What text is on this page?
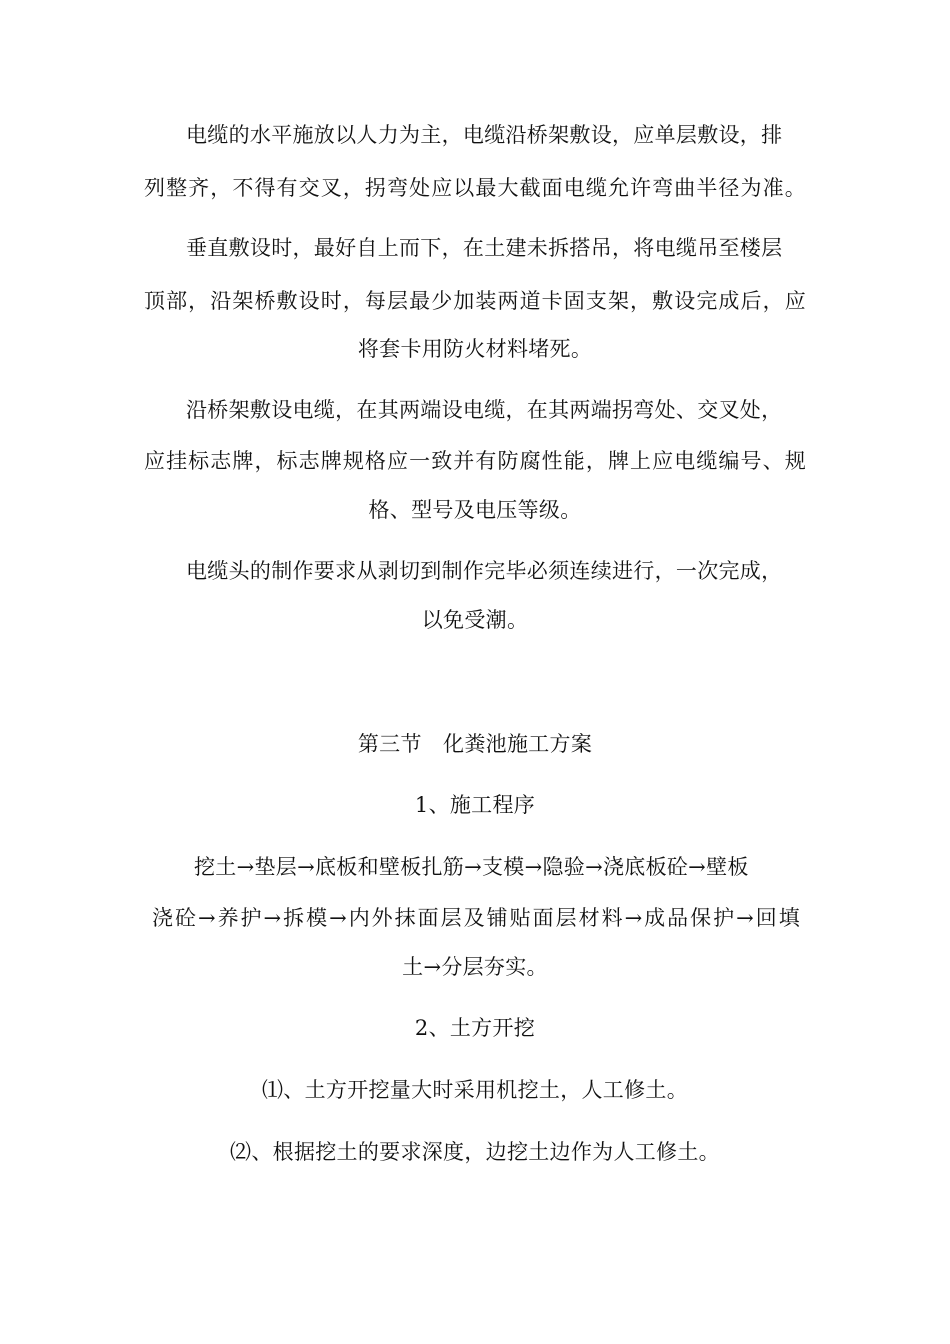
电缆的水平施放以人力为主，电缆沿桥架敷设，应单层敷设，排
列整齐，不得有交叉，拐弯处应以最大截面电缆允许弯曲半径为准。
垂直敷设时，最好自上而下，在土建未拆搭吊，将电缆吊至楼层
顶部，沿架桥敷设时，每层最少加装两道卡固支架，敷设完成后，应
将套卡用防火材料堵死。
沿桥架敷设电缆，在其两端设电缆，在其两端拐弯处、交叉处，
应挂标志牌，标志牌规格应一致并有防腐性能，牌上应电缆编号、规
格、型号及电压等级。
电缆头的制作要求从剥切到制作完毕必须连续进行，一次完成，
以免受潮。
第三节　化粪池施工方案
1、施工程序
挖土→垫层→底板和壁板扎筋→支模→隐验→浇底板砼→壁板
浇砼→养护→拆模→内外抹面层及铺贴面层材料→成品保护→回填
土→分层夯实。
2、土方开挖
⑴、土方开挖量大时采用机挖土，人工修土。
⑵、根据挖土的要求深度，边挖土边作为人工修土。
